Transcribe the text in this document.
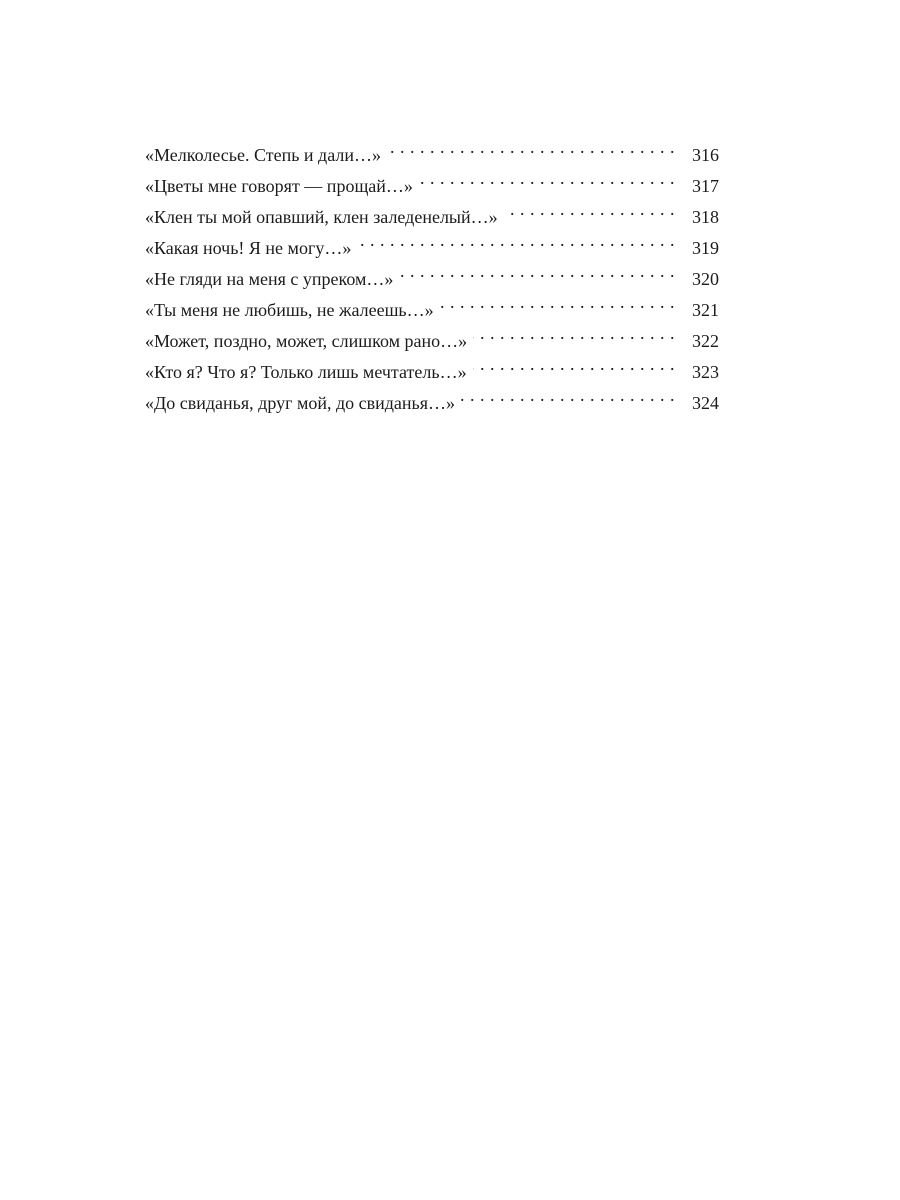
«Мелколесье. Степь и дали…» . . .	316
«Цветы мне говорят — прощай…» . . .	317
«Клен ты мой опавший, клен заледенелый…» . . .	318
«Какая ночь! Я не могу…» . . .	319
«Не гляди на меня с упреком…» . . .	320
«Ты меня не любишь, не жалеешь…» . . .	321
«Может, поздно, может, слишком рано…» . . .	322
«Кто я? Что я? Только лишь мечтатель…» . . .	323
«До свиданья, друг мой, до свиданья…» . . .	324
